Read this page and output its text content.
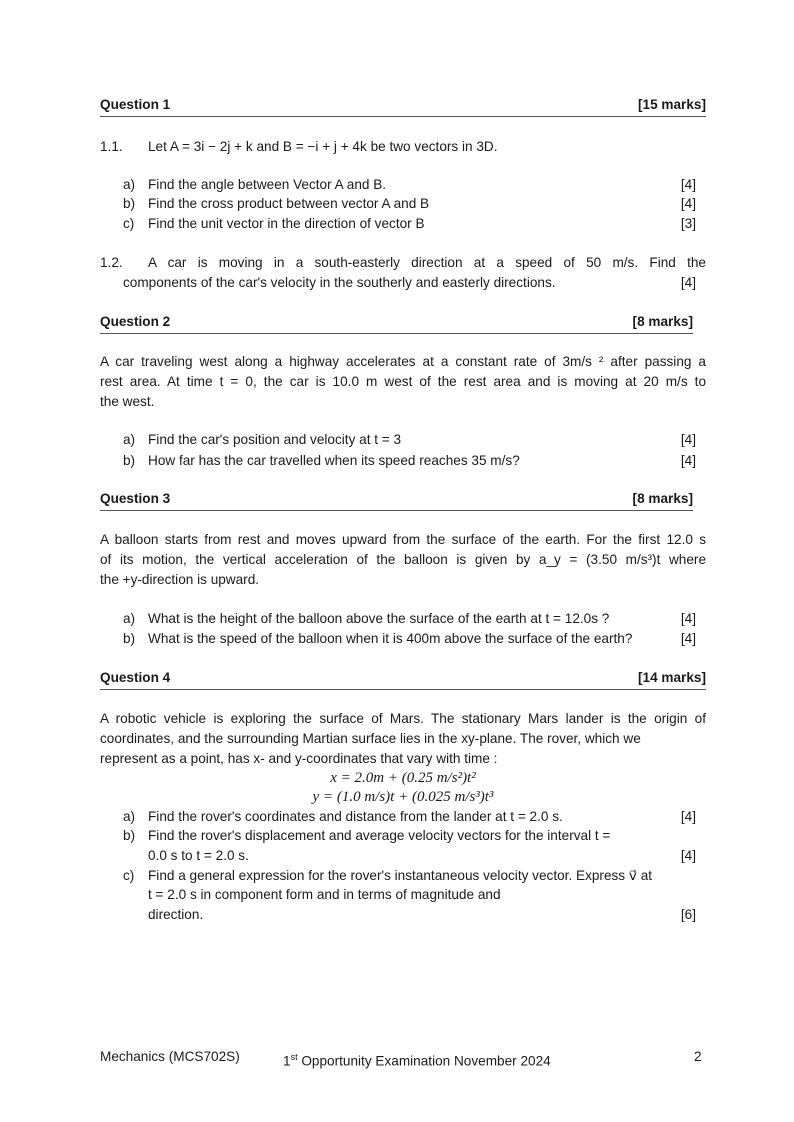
Question 1	[15 marks]
1.1. Let A = 3i − 2j + k and B = −i + j + 4k be two vectors in 3D.
a) Find the angle between Vector A and B.	[4]
b) Find the cross product between vector A and B	[4]
c) Find the unit vector in the direction of vector B	[3]
1.2. A car is moving in a south-easterly direction at a speed of 50 m/s. Find the
components of the car's velocity in the southerly and easterly directions.	[4]
Question 2	[8 marks]
A car traveling west along a highway accelerates at a constant rate of 3m/s ² after passing a
rest area. At time t = 0, the car is 10.0 m west of the rest area and is moving at 20 m/s to
the west.
a) Find the car's position and velocity at t = 3	[4]
b) How far has the car travelled when its speed reaches 35 m/s?	[4]
Question 3	[8 marks]
A balloon starts from rest and moves upward from the surface of the earth. For the first 12.0 s
of its motion, the vertical acceleration of the balloon is given by a_y = (3.50 m/s³)t where
the +y-direction is upward.
a) What is the height of the balloon above the surface of the earth at t = 12.0s ?	[4]
b) What is the speed of the balloon when it is 400m above the surface of the earth?	[4]
Question 4	[14 marks]
A robotic vehicle is exploring the surface of Mars. The stationary Mars lander is the origin of
coordinates, and the surrounding Martian surface lies in the xy-plane. The rover, which we
represent as a point, has x- and y-coordinates that vary with time :
x = 2.0m + (0.25 m/s²)t²
y = (1.0 m/s)t + (0.025 m/s³)t³
a) Find the rover's coordinates and distance from the lander at t = 2.0 s.	[4]
b) Find the rover's displacement and average velocity vectors for the interval t =
0.0 s to t = 2.0 s.	[4]
c) Find a general expression for the rover's instantaneous velocity vector. Express v⃗ at
t = 2.0 s in component form and in terms of magnitude and
direction.	[6]
Mechanics (MCS702S)	1st Opportunity Examination November 2024	2
